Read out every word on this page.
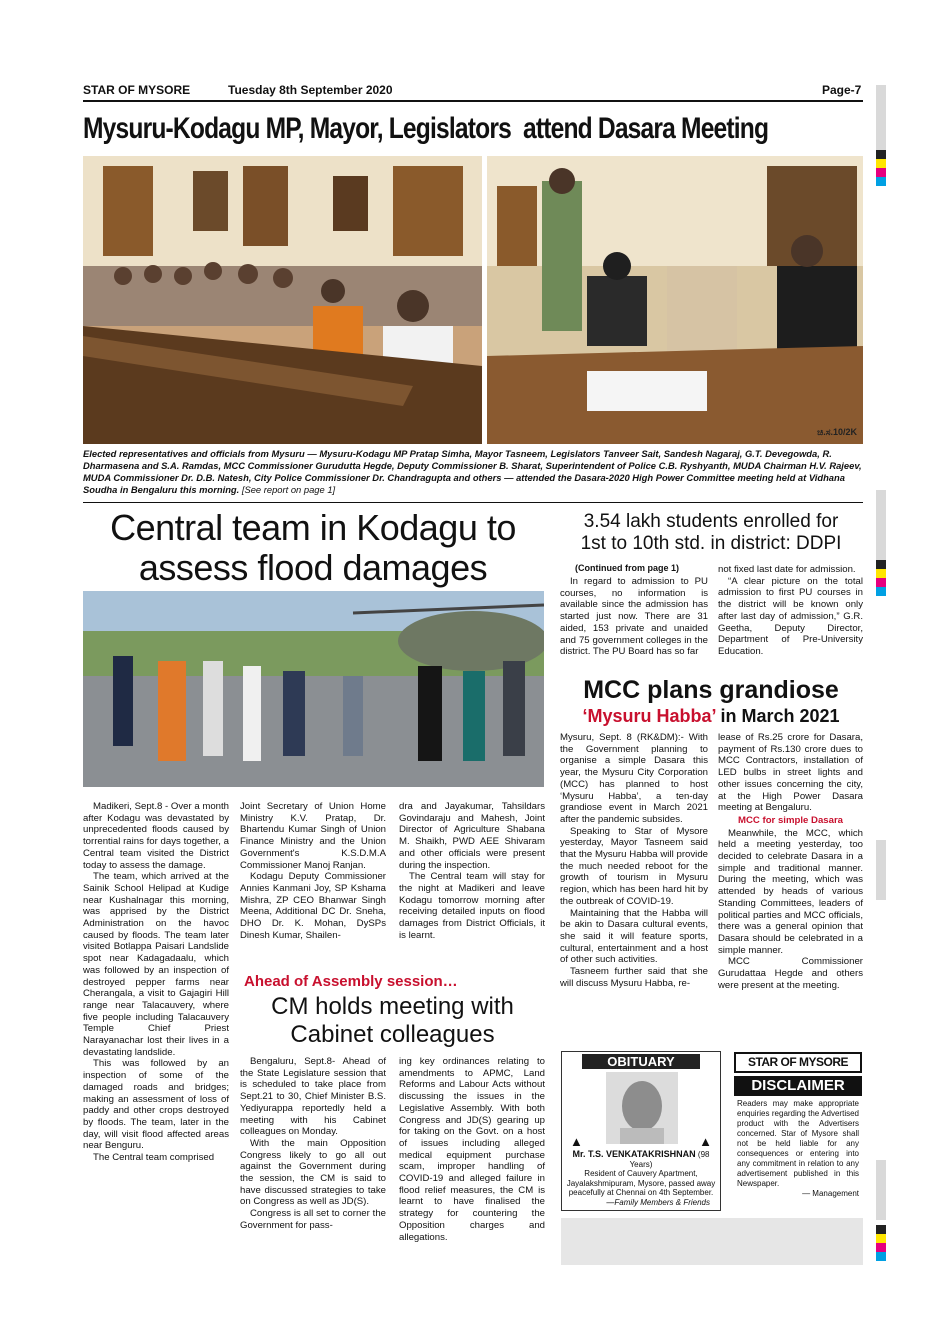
STAR OF MYSORE	Tuesday 8th September 2020	Page-7
Mysuru-Kodagu MP, Mayor, Legislators  attend Dasara Meeting
ಚಿ.ಸ.10/2K
Elected representatives and officials from Mysuru — Mysuru-Kodagu MP Pratap Simha, Mayor Tasneem, Legislators Tanveer Sait, Sandesh Nagaraj, G.T. Devegowda, R. Dharmasena and S.A. Ramdas, MCC Commissioner Gurudutta Hegde, Deputy Commissioner B. Sharat, Superintendent of Police C.B. Ryshyanth, MUDA Chairman H.V. Rajeev, MUDA Commissioner Dr. D.B. Natesh, City Police Commissioner Dr. Chandragupta and others — attended the Dasara-2020 High Power Committee meeting held at Vidhana Soudha in Bengaluru this morning. [See report on page 1]
Central team in Kodagu to
assess flood damages

Madikeri, Sept.8 - Over a month after Kodagu was devastated by unprecedented floods caused by torrential rains for days together, a Central team visited the District today to assess the damage.

The team, which arrived at the Sainik School Helipad at Kudige near Kushalnagar this morning, was apprised by the District Administration on the havoc caused by floods. The team later visited Botlappa Paisari Landslide spot near Kadagadaalu, which was followed by an inspection of destroyed pepper farms near Cherangala, a visit to Gajagiri Hill range near Talacauvery, where five people including Talacauvery Temple Chief Priest Narayanachar lost their lives in a devastating landslide.

This was followed by an inspection of some of the damaged roads and bridges; making an assessment of loss of paddy and other crops destroyed by floods. The team, later in the day, will visit flood affected areas near Benguru.

The Central team comprised

Joint Secretary of Union Home Ministry K.V. Pratap, Dr. Bhartendu Kumar Singh of Union Finance Ministry and the Union Government's K.S.D.M.A Commissioner Manoj Ranjan.

Kodagu Deputy Commissioner Annies Kanmani Joy, SP Kshama Mishra, ZP CEO Bhanwar Singh Meena, Additional DC Dr. Sneha, DHO Dr. K. Mohan, DySPs Dinesh Kumar, Shailen-

dra and Jayakumar, Tahsildars Govindaraju and Mahesh, Joint Director of Agriculture Shabana M. Shaikh, PWD AEE Shivaram and other officials were present during the inspection.

The Central team will stay for the night at Madikeri and leave Kodagu tomorrow morning after receiving detailed inputs on flood damages from District Officials, it is learnt.

Ahead of Assembly session…
CM holds meeting with
Cabinet colleagues

Bengaluru, Sept.8- Ahead of the State Legislature session that is scheduled to take place from Sept.21 to 30, Chief Minister B.S. Yediyurappa reportedly held a meeting with his Cabinet colleagues on Monday.

With the main Opposition Congress likely to go all out against the Government during the session, the CM is said to have discussed strategies to take on Congress as well as JD(S).

Congress is all set to corner the Government for pass-

ing key ordinances relating to amendments to APMC, Land Reforms and Labour Acts without discussing the issues in the Legislative Assembly. With both Congress and JD(S) gearing up for taking on the Govt. on a host of issues including alleged medical equipment purchase scam, improper handling of COVID-19 and alleged failure in flood relief measures, the CM is learnt to have finalised the strategy for countering the Opposition charges and allegations.

3.54 lakh students enrolled for
1st to 10th std. in district: DDPI
(Continued from page 1)

In regard to admission to PU courses, no information is available since the admission has started just now. There are 31 aided, 153 private and unaided and 75 government colleges in the district. The PU Board has so far

not fixed last date for admission.

“A clear picture on the total admission to first PU courses in the district will be known only after last day of admission,” G.R. Geetha, Deputy Director, Department of Pre-University Education.

MCC plans grandiose
‘Mysuru Habba’ in March 2021

Mysuru, Sept. 8 (RK&DM):- With the Government planning to organise a simple Dasara this year, the Mysuru City Corporation (MCC) has planned to host ‘Mysuru Habba’, a ten-day grandiose event in March 2021 after the pandemic subsides.

Speaking to Star of Mysore yesterday, Mayor Tasneem said that the Mysuru Habba will provide the much needed reboot for the growth of tourism in Mysuru region, which has been hard hit by the outbreak of COVID-19.

Maintaining that the Habba will be akin to Dasara cultural events, she said it will feature sports, cultural, entertainment and a host of other such activities.

Tasneem further said that she will discuss Mysuru Habba, re-

lease of Rs.25 crore for Dasara, payment of Rs.130 crore dues to MCC Contractors, installation of LED bulbs in street lights and other issues concerning the city, at the High Power Dasara meeting at Bengaluru.

MCC for simple Dasara

Meanwhile, the MCC, which held a meeting yesterday, too decided to celebrate Dasara in a simple and traditional manner. During the meeting, which was attended by heads of various Standing Committees, leaders of political parties and MCC officials, there was a general opinion that Dasara should be celebrated in a simple manner.

MCC Commissioner Gurudattaa Hegde and others were present at the meeting.

OBITUARY
▲	▲
Mr. T.S. VENKATAKRISHNAN (98 Years)
Resident of Cauvery Apartment,
Jayalakshmipuram, Mysore, passed away
peacefully at Chennai on 4th September.
—Family Members & Friends
STAR OF MYSORE
DISCLAIMER
Readers may make appropriate enquiries regarding the Advertised product with the Advertisers concerned. Star of Mysore shall not be held liable for any consequences or entering into any commitment in relation to any advertisement published in this Newspaper.
— Management
